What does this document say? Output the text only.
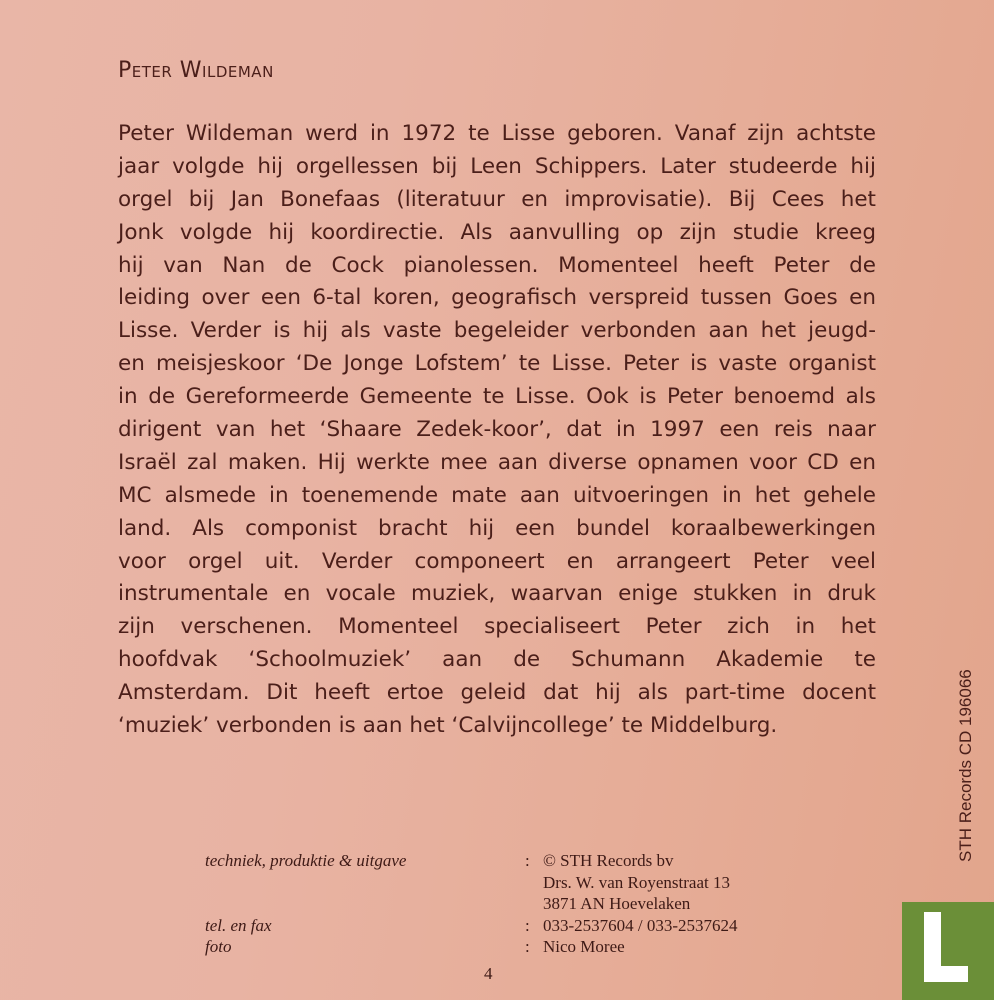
Peter Wildeman
Peter Wildeman werd in 1972 te Lisse geboren. Vanaf zijn achtste
jaar volgde hij orgellessen bij Leen Schippers. Later studeerde hij
orgel bij Jan Bonefaas (literatuur en improvisatie). Bij Cees het
Jonk volgde hij koordirectie. Als aanvulling op zijn studie kreeg
hij van Nan de Cock pianolessen. Momenteel heeft Peter de
leiding over een 6-tal koren, geografisch verspreid tussen Goes en
Lisse. Verder is hij als vaste begeleider verbonden aan het jeugd-
en meisjeskoor ‘De Jonge Lofstem’ te Lisse. Peter is vaste organist
in de Gereformeerde Gemeente te Lisse. Ook is Peter benoemd als
dirigent van het ‘Shaare Zedek-koor’, dat in 1997 een reis naar
Israël zal maken. Hij werkte mee aan diverse opnamen voor CD en
MC alsmede in toenemende mate aan uitvoeringen in het gehele
land. Als componist bracht hij een bundel koraalbewerkingen
voor orgel uit. Verder componeert en arrangeert Peter veel
instrumentale en vocale muziek, waarvan enige stukken in druk
zijn verschenen. Momenteel specialiseert Peter zich in het
hoofdvak ‘Schoolmuziek’ aan de Schumann Akademie te
Amsterdam. Dit heeft ertoe geleid dat hij als part-time docent
‘muziek’ verbonden is aan het ‘Calvijncollege’ te Middelburg.
techniek, produktie & uitgave	: © STH Records bv
Drs. W. van Royenstraat 13
3871 AN Hoevelaken
tel. en fax	: 033-2537604 / 033-2537624
foto	: Nico Moree
4
STH Records CD 196066
